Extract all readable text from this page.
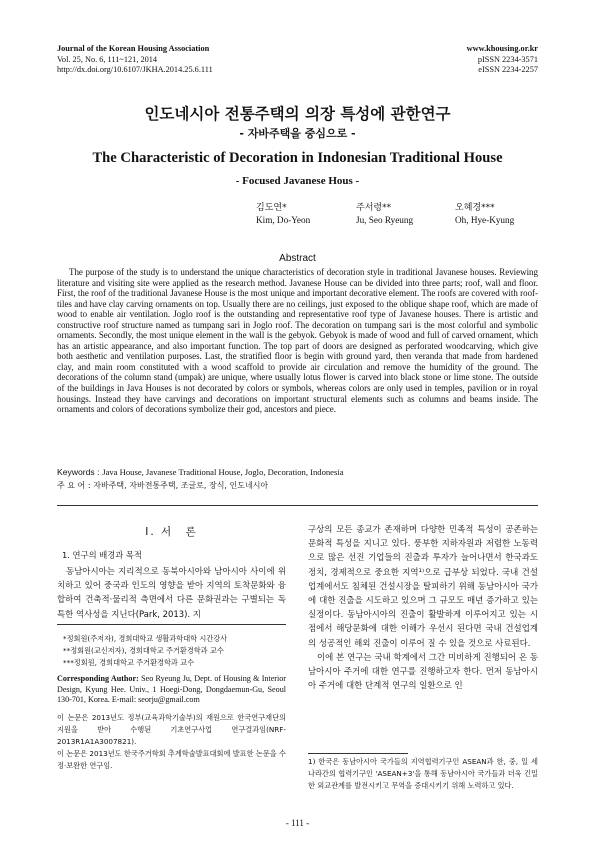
Journal of the Korean Housing Association
Vol. 25, No. 6, 111~121, 2014
http://dx.doi.org/10.6107/JKHA.2014.25.6.111
www.khousing.or.kr
pISSN 2234-3571
eISSN 2234-2257
인도네시아 전통주택의 의장 특성에 관한연구
- 자바주택을 중심으로 -
The Characteristic of Decoration in Indonesian Traditional House
- Focused Javanese Hous -
김도연*
Kim, Do-Yeon
주서령**
Ju, Seo Ryeung
오혜경***
Oh, Hye-Kyung
Abstract

The purpose of the study is to understand the unique characteristics of decoration style in traditional Javanese houses. Reviewing literature and visiting site were applied as the research method. Javanese House can be divided into three parts; roof, wall and floor. First, the roof of the traditional Javanese House is the most unique and important decorative element. The roofs are covered with roof-tiles and have clay carving ornaments on top. Usually there are no ceilings, just exposed to the oblique shape roof, which are made of wood to enable air ventilation. Joglo roof is the outstanding and representative roof type of Javanese houses. There is artistic and constructive roof structure named as tumpang sari in Joglo roof. The decoration on tumpang sari is the most colorful and symbolic ornaments. Secondly, the most unique element in the wall is the gebyok. Gebyok is made of wood and full of carved ornament, which has an artistic appearance, and also important function. The top part of doors are designed as perforated woodcarving, which give both aesthetic and ventilation purposes. Last, the stratified floor is begin with ground yard, then veranda that made from hardened clay, and main room constituted with a wood scaffold to provide air circulation and remove the humidity of the ground. The decorations of the column stand (umpak) are unique, where usually lotus flower is carved into black stone or lime stone. The outside of the buildings in Java Houses is not decorated by colors or symbols, whereas colors are only used in temples, pavilion or in royal housings. Instead they have carvings and decorations on important structural elements such as columns and beams inside. The ornaments and colors of decorations symbolize their god, ancestors and piece.

Keywords : Java House, Javanese Traditional House, Joglo, Decoration, Indonesia
주 요 어 : 자바주택, 자바전통주택, 조글로, 장식, 인도네시아
I. 서　론
1. 연구의 배경과 목적

동남아시아는 지리적으로 동북아시아와 남아시아 사이에 위치하고 있어 중국과 인도의 영향을 받아 지역의 토착문화와 융합하여 건축적·물리적 측면에서 다른 문화권과는 구별되는 독특한 역사성을 지닌다(Park, 2013). 지

*정회원(주저자), 경희대학교 생활과학대학 시간강사
**정회원(교신저자), 경희대학교 주거환경학과 교수
***정회원, 경희대학교 주거환경학과 교수
Corresponding Author: Seo Ryeung Ju, Dept. of Housing & Interior Design, Kyung Hee. Univ., 1 Hoegi-Dong, Dongdaemun-Gu, Seoul 130-701, Korea. E-mail: seorju@gmail.com
이 논문은 2013년도 정부(교육과학기술부)의 재원으로 한국연구재단의 지원을 받아 수행된 기초연구사업 연구결과임(NRF-2013R1A1A3007821).
이 논문은 2013년도 한국주거학회 추계학술발표대회에 발표한 논문을 수정·보완한 연구임.

구상의 모든 종교가 존재하며 다양한 민족적 특성이 공존하는 문화적 특성을 지니고 있다. 풍부한 지하자원과 저렴한 노동력으로 많은 선진 기업들의 진출과 투자가 늘어나면서 한국과도 정치, 경제적으로 중요한 지역¹⁾으로 급부상 되었다. 국내 건설업계에서도 침체된 건설시장을 탈피하기 위해 동남아시아 국가에 대한 진출을 시도하고 있으며 그 규모도 매년 증가하고 있는 실정이다. 동남아시아의 진출이 활발하게 이루어지고 있는 시점에서 해당문화에 대한 이해가 우선시 된다면 국내 건설업계의 성공적인 해외 진출이 이루어 질 수 있을 것으로 사료된다.

이에 본 연구는 국내 학계에서 그간 미비하게 진행되어 온 동남아시아 주거에 대한 연구를 진행하고자 한다. 먼저 동남아시아 주거에 대한 단계적 연구의 일환으로 인

1) 한국은 동남아시아 국가들의 지역협력기구인 ASEAN과 한, 중, 일 세 나라간의 협력기구인 'ASEAN+3'을 통해 동남아시아 국가들과 더욱 긴밀한 외교관계를 발전시키고 무역을 증대시키기 위해 노력하고 있다.
- 111 -
